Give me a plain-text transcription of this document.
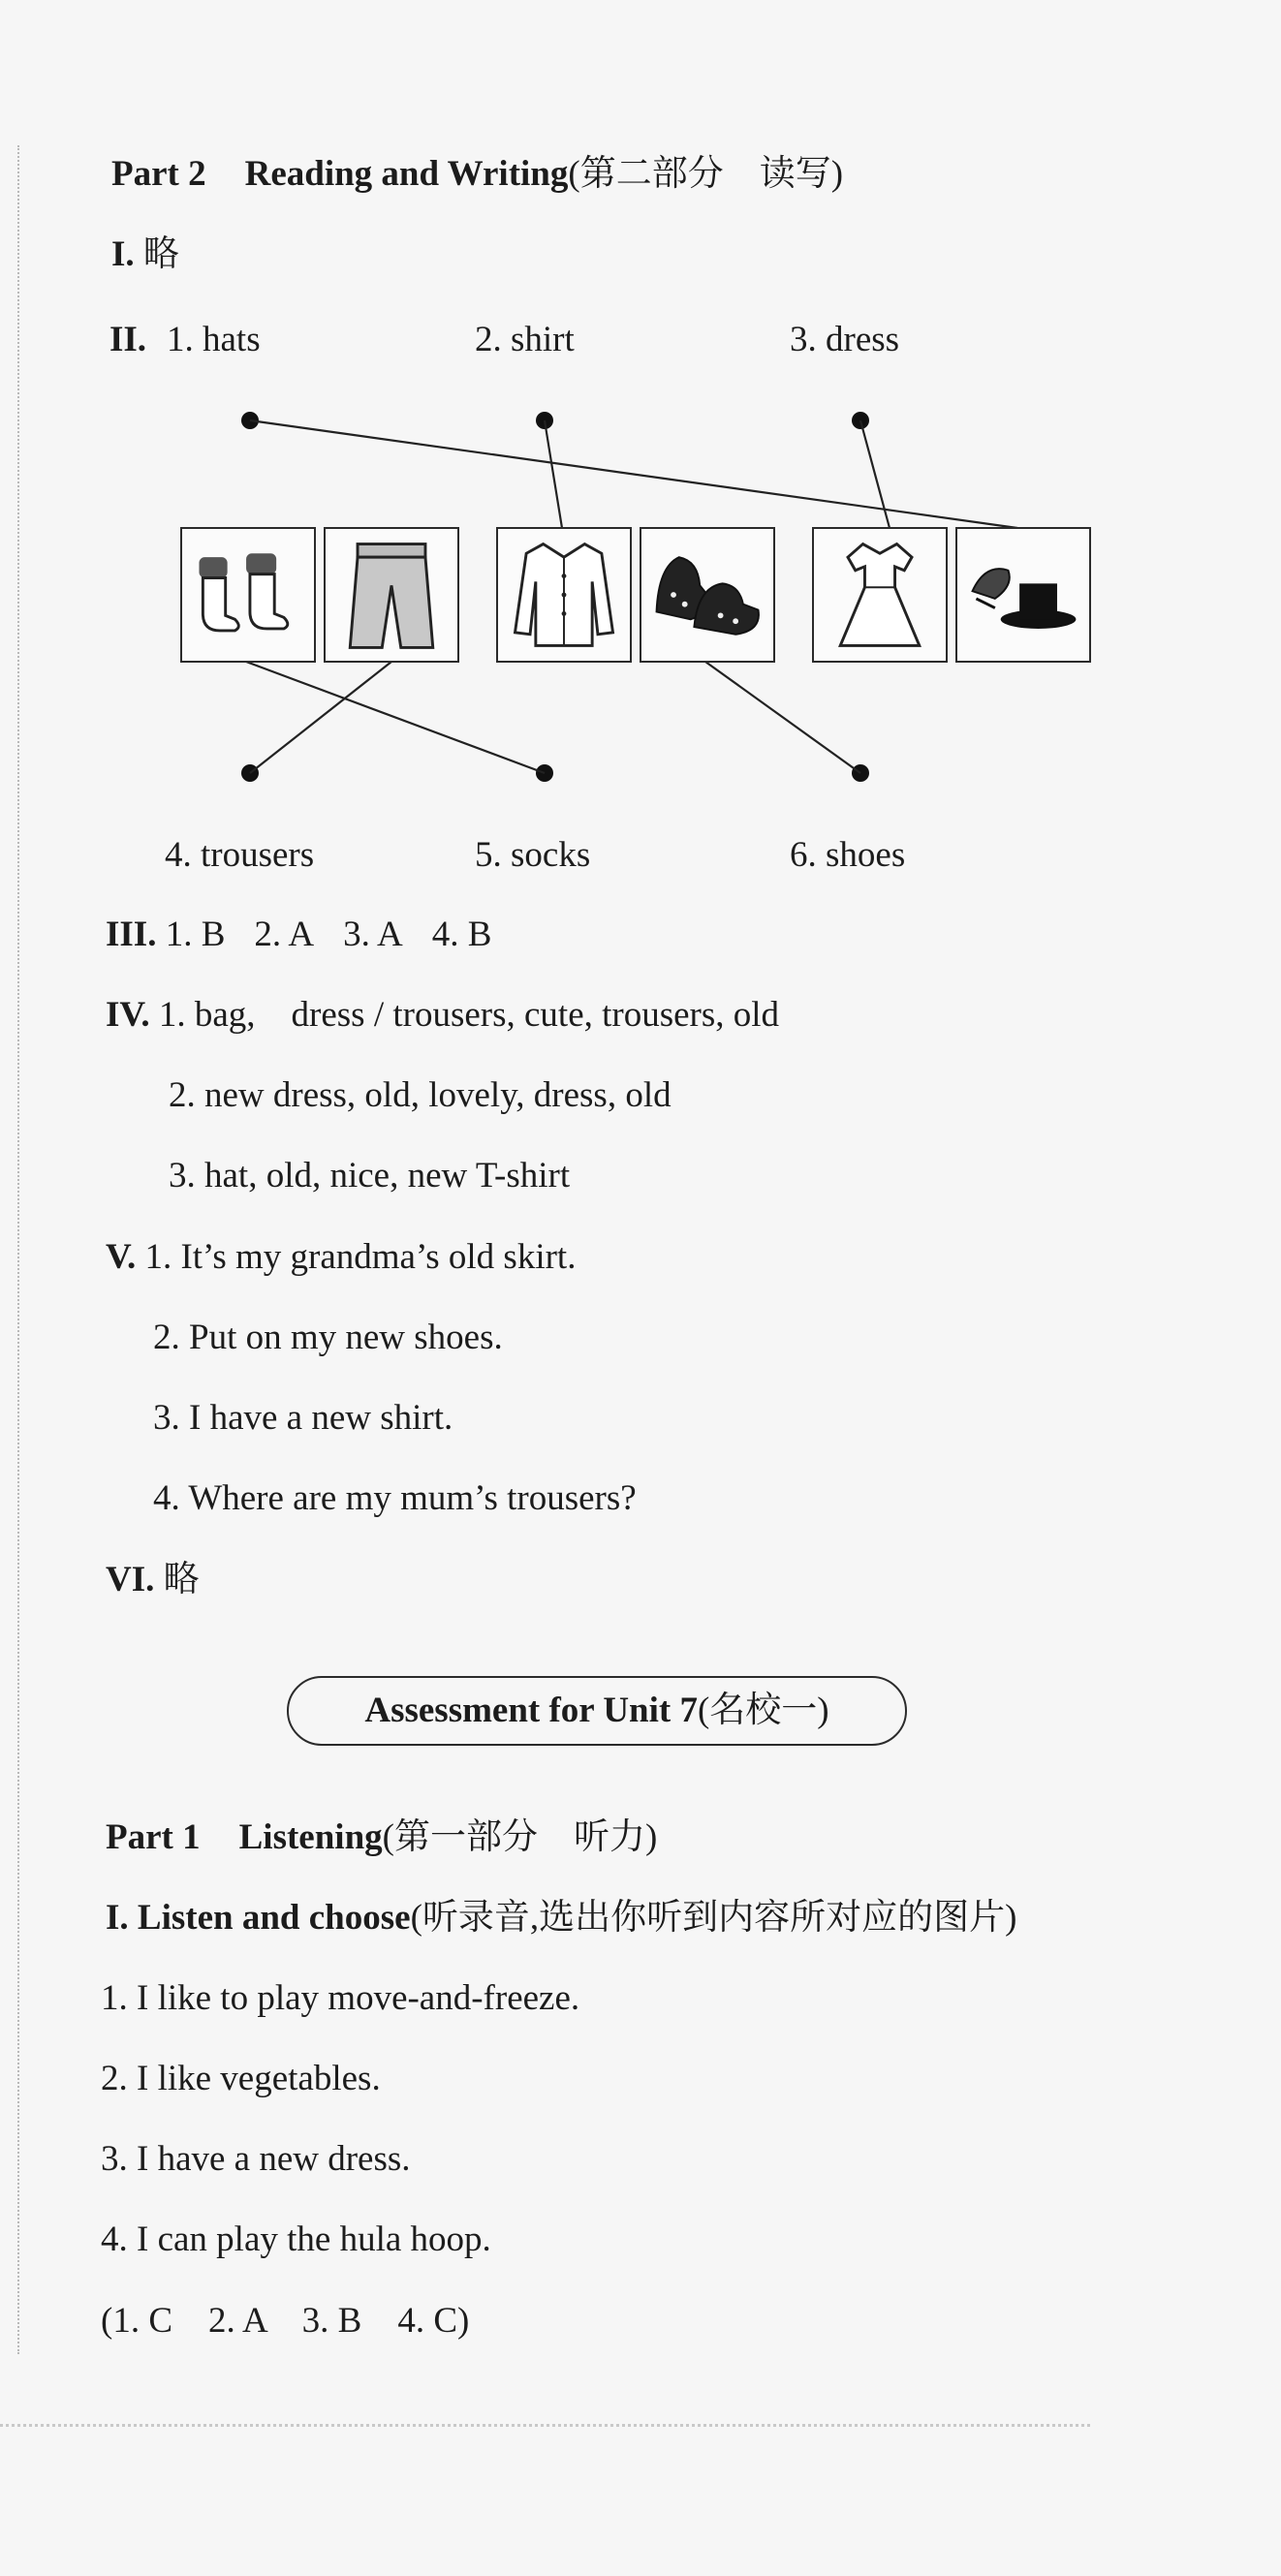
Part 2 Reading and Writing(第二部分　读写)
I. 略
II. 1. hats	2. shirt	3. dress
4. trousers	5. socks	6. shoes
III. 1. B 2. A 3. A 4. B
IV. 1. bag,　dress / trousers, cute, trousers, old
2. new dress, old, lovely, dress, old
3. hat, old, nice, new T-shirt
V. 1. It’s my grandma’s old skirt.
2. Put on my new shoes.
3. I have a new shirt.
4. Where are my mum’s trousers?
VI. 略
Assessment for Unit 7(名校一)
Part 1 Listening(第一部分　听力)
I. Listen and choose(听录音,选出你听到内容所对应的图片)
1. I like to play move-and-freeze.
2. I like vegetables.
3. I have a new dress.
4. I can play the hula hoop.
(1. C　2. A　3. B　4. C)
